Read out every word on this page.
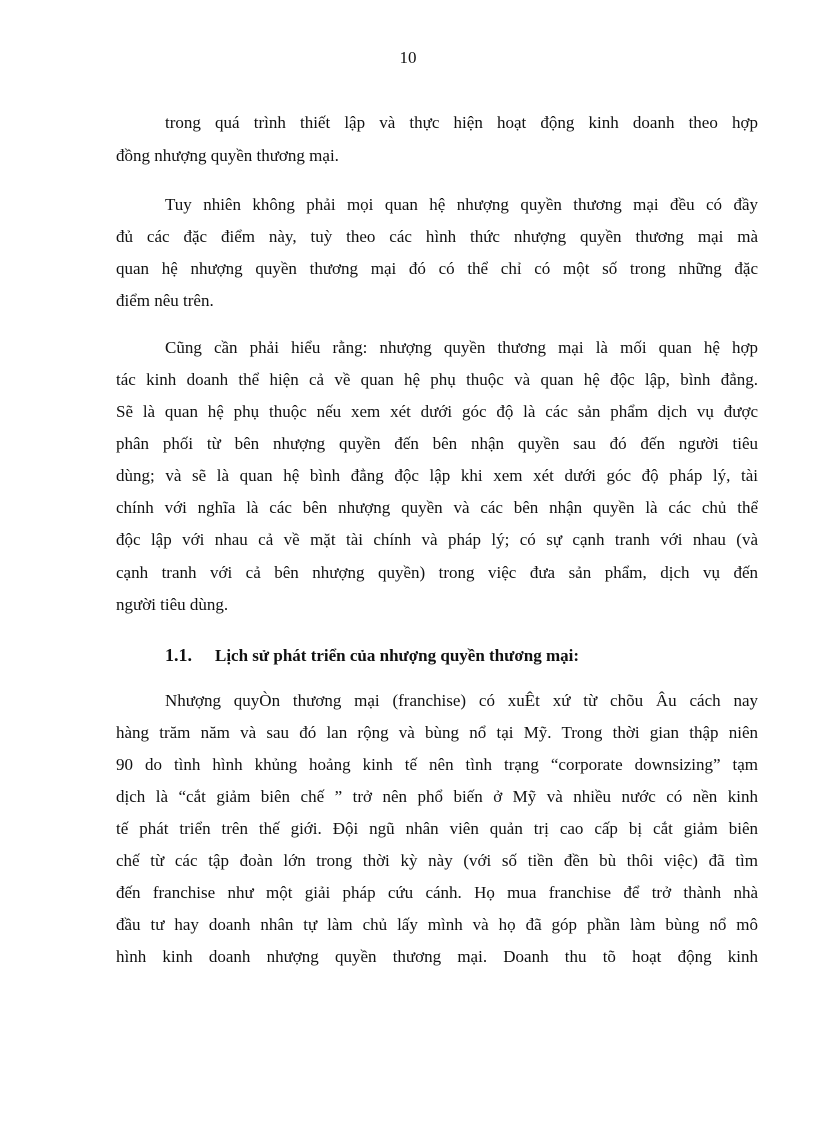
10
trong quá trình thiết lập và thực hiện hoạt động kinh doanh theo hợp
đồng nhượng quyền thương mại.
Tuy nhiên không phải mọi quan hệ nhượng quyền thương mại đều có đầy
đủ các đặc điểm này, tuỳ theo các hình thức nhượng quyền thương mại mà
quan hệ nhượng quyền thương mại đó có thể chỉ có một số trong những đặc
điểm nêu trên.
Cũng cần phải hiểu rằng: nhượng quyền thương mại là mối quan hệ hợp
tác kinh doanh thể hiện cả về quan hệ phụ thuộc và quan hệ độc lập, bình đẳng.
Sẽ là quan hệ phụ thuộc nếu xem xét dưới góc độ là các sản phẩm dịch vụ được
phân phối từ bên nhượng quyền đến bên nhận quyền sau đó đến người tiêu
dùng; và sẽ là quan hệ bình đẳng độc lập khi xem xét dưới góc độ pháp lý, tài
chính với nghĩa là các bên nhượng quyền và các bên nhận quyền là các chủ thể
độc lập với nhau cả về mặt tài chính và pháp lý; có sự cạnh tranh với nhau (và
cạnh tranh với cả bên nhượng quyền) trong việc đưa sản phẩm, dịch vụ đến
người tiêu dùng.
1.1. Lịch sử phát triển của nhượng quyền thương mại:
Nhượng quyÒn thương mại (franchise) có xuÊt xứ từ chõu Âu cách nay
hàng trăm năm và sau đó lan rộng và bùng nổ tại Mỹ. Trong thời gian thập niên
90 do tình hình khủng hoảng kinh tế nên tình trạng “corporate downsizing” tạm
dịch là “cắt giảm biên chế ” trở nên phổ biến ở Mỹ và nhiều nước có nền kinh
tế phát triển trên thế giới. Đội ngũ nhân viên quản trị cao cấp bị cắt giảm biên
chế từ các tập đoàn lớn trong thời kỳ này (với số tiền đền bù thôi việc) đã tìm
đến franchise như một giải pháp cứu cánh. Họ mua franchise để trở thành nhà
đầu tư hay doanh nhân tự làm chủ lấy mình và họ đã góp phần làm bùng nổ mô
hình kinh doanh nhượng quyền thương mại. Doanh thu tõ hoạt động kinh
